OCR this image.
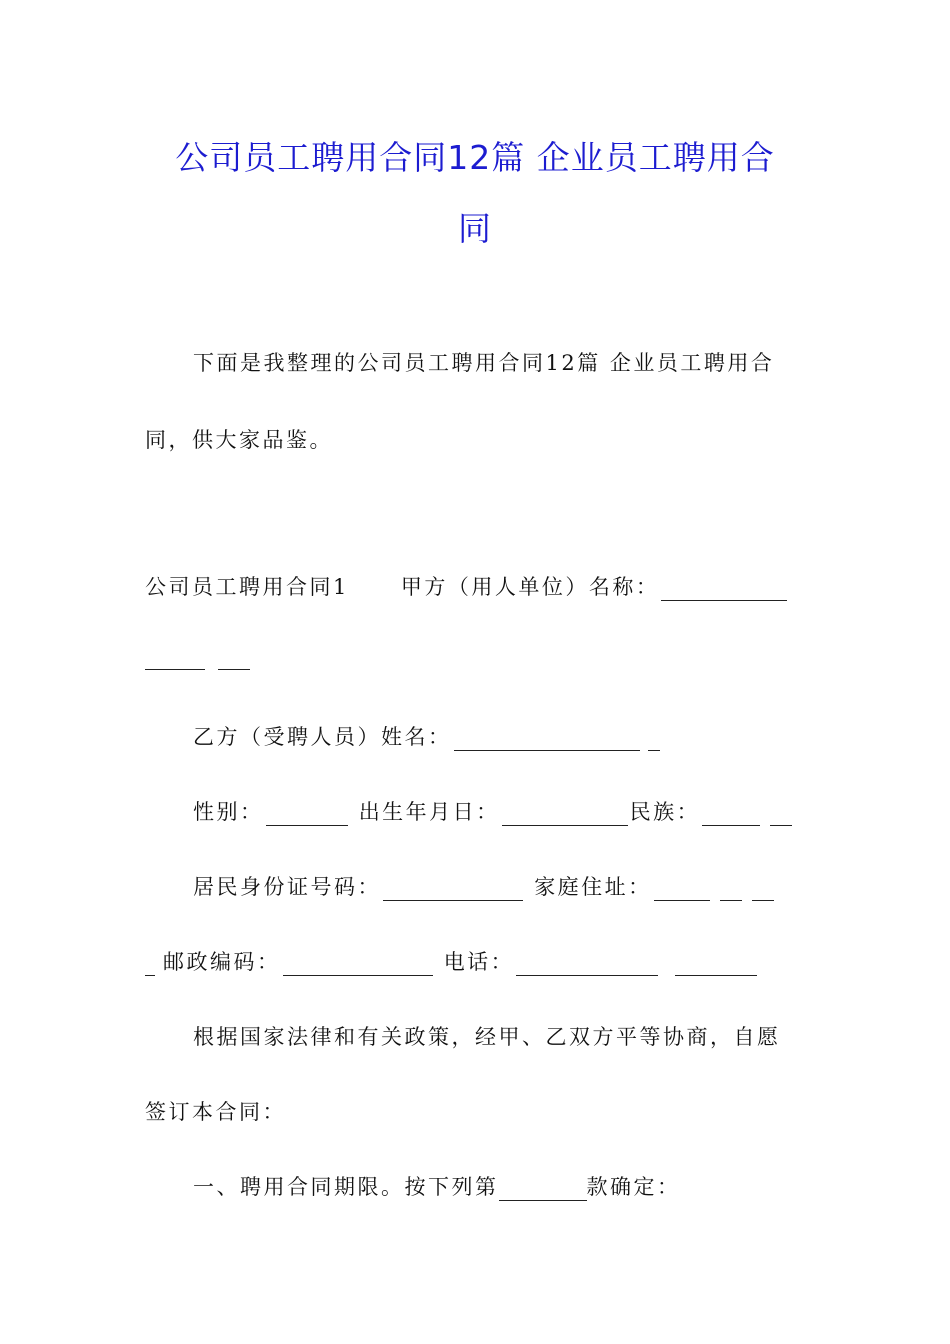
公司员工聘用合同12篇 企业员工聘用合
同
下面是我整理的公司员工聘用合同12篇 企业员工聘用合
同，供大家品鉴。
公司员工聘用合同1 甲方（用人单位）名称：

乙方（受聘人员）姓名：
性别：	出生年月日：	民族：
居民身份证号码：	家庭住址：
邮政编码：	电话：
根据国家法律和有关政策，经甲、乙双方平等协商，自愿
签订本合同：
一、聘用合同期限。按下列第	款确定：
